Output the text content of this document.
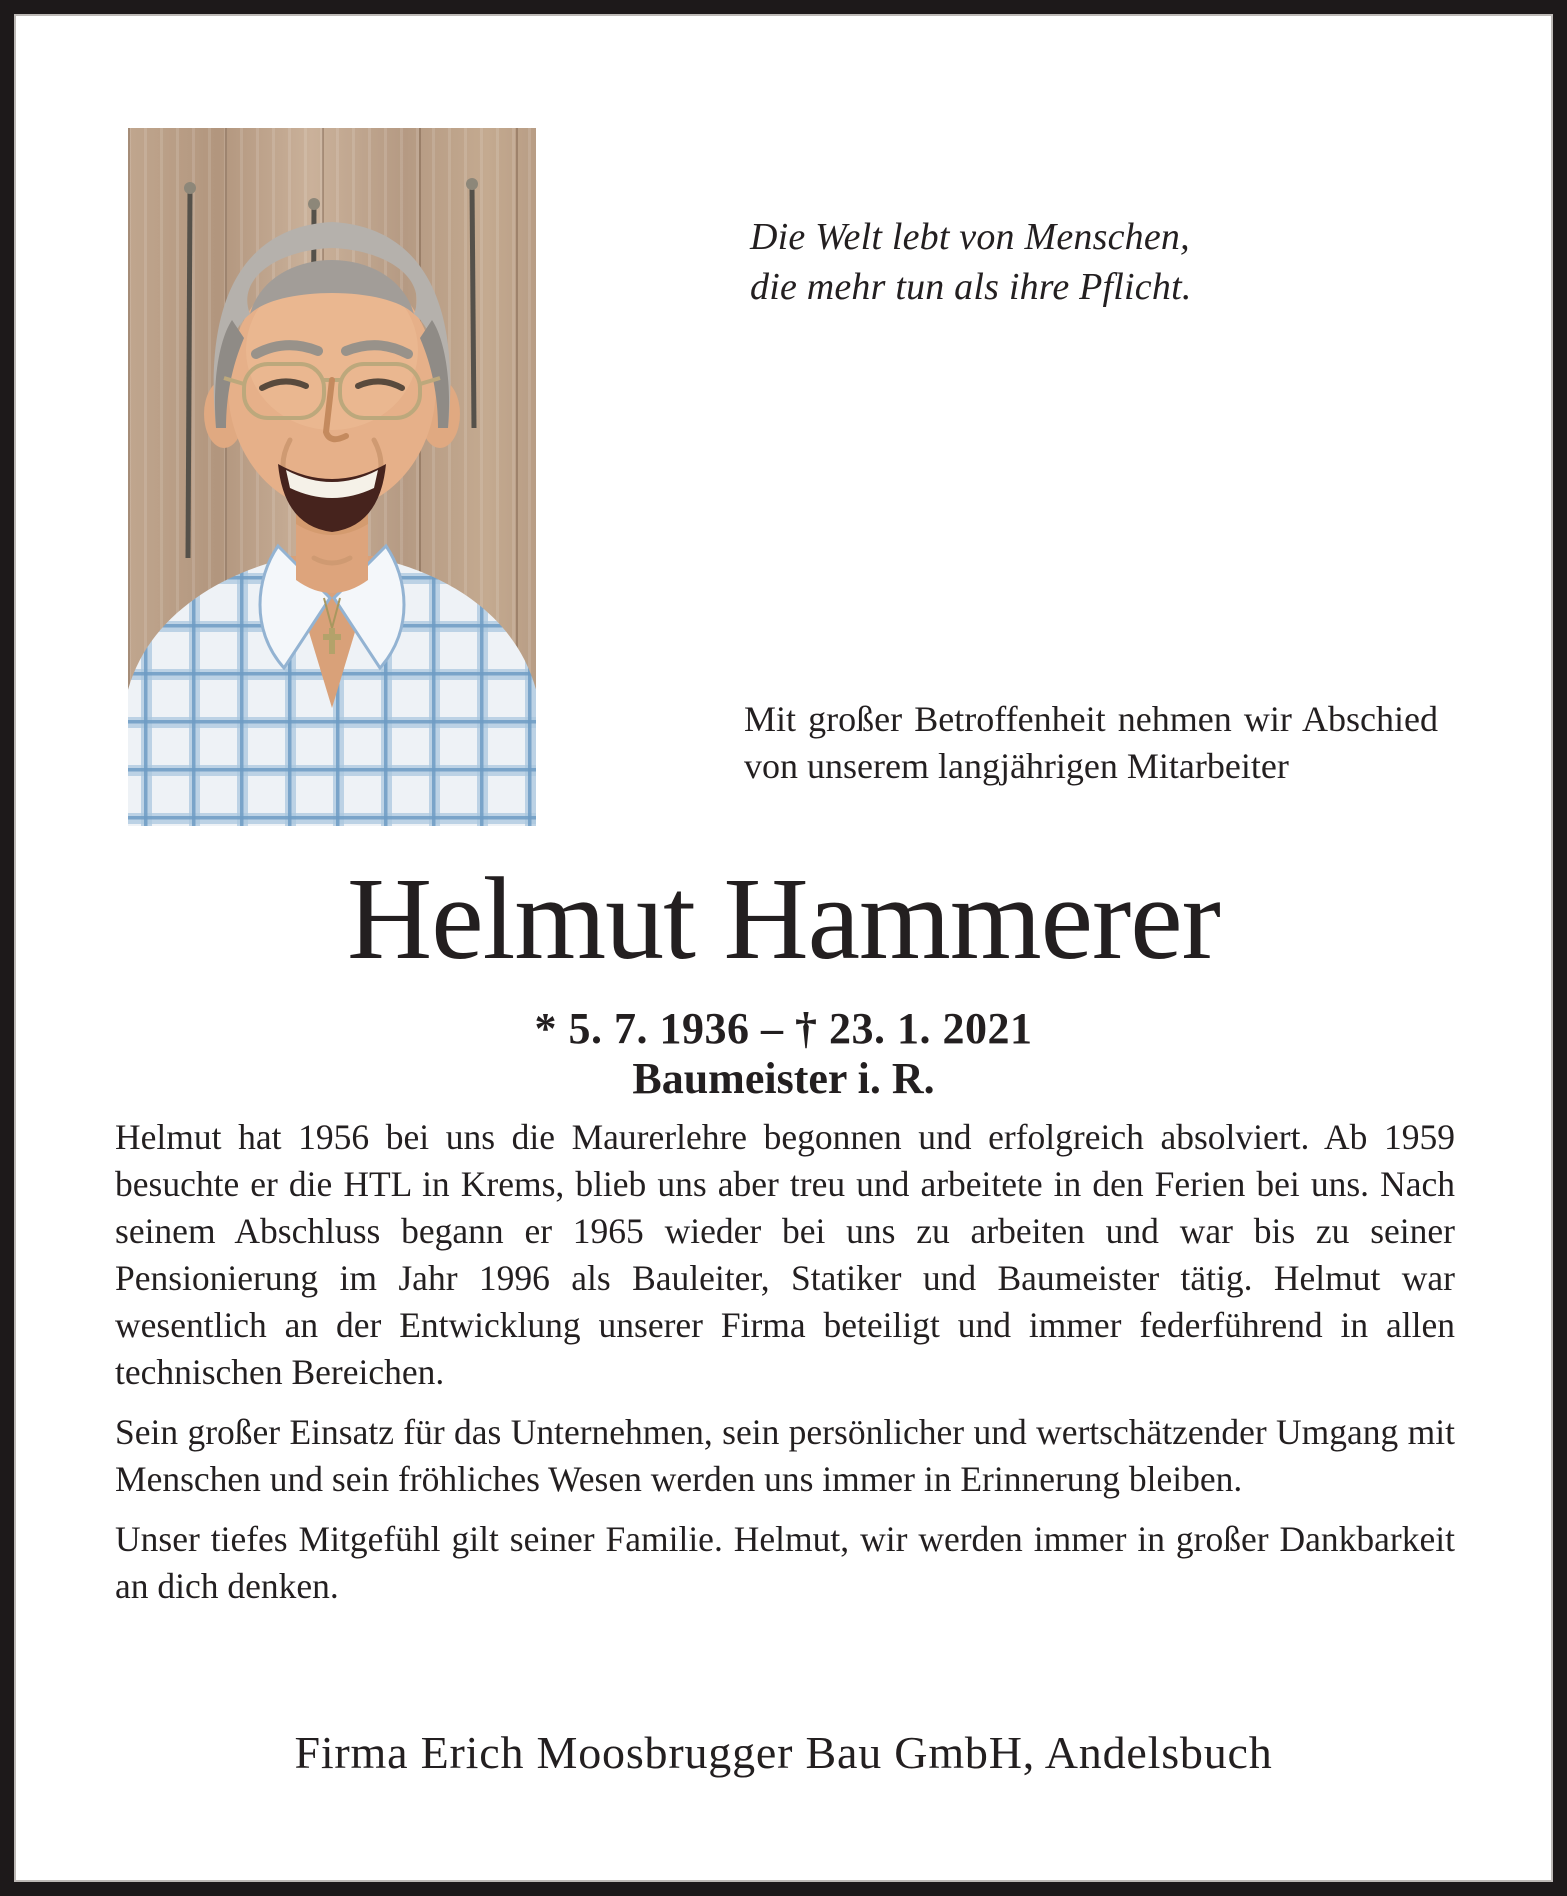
Die Welt lebt von Menschen,
die mehr tun als ihre Pflicht.
Mit großer Betroffenheit nehmen wir Abschied von unserem langjährigen Mitarbeiter
Helmut Hammerer
* 5. 7. 1936 – † 23. 1. 2021
Baumeister i. R.

Helmut hat 1956 bei uns die Maurerlehre begonnen und erfolgreich absolviert. Ab 1959 besuchte er die HTL in Krems, blieb uns aber treu und arbeitete in den Ferien bei uns. Nach seinem Abschluss begann er 1965 wieder bei uns zu arbeiten und war bis zu seiner Pensionierung im Jahr 1996 als Bauleiter, Statiker und Baumeister tätig. Helmut war wesentlich an der Entwicklung unserer Firma beteiligt und immer federführend in allen technischen Bereichen.

Sein großer Einsatz für das Unternehmen, sein persönlicher und wertschätzender Umgang mit Menschen und sein fröhliches Wesen werden uns immer in Erinnerung bleiben.

Unser tiefes Mitgefühl gilt seiner Familie. Helmut, wir werden immer in großer Dankbarkeit an dich denken.

Firma Erich Moosbrugger Bau GmbH, Andelsbuch
